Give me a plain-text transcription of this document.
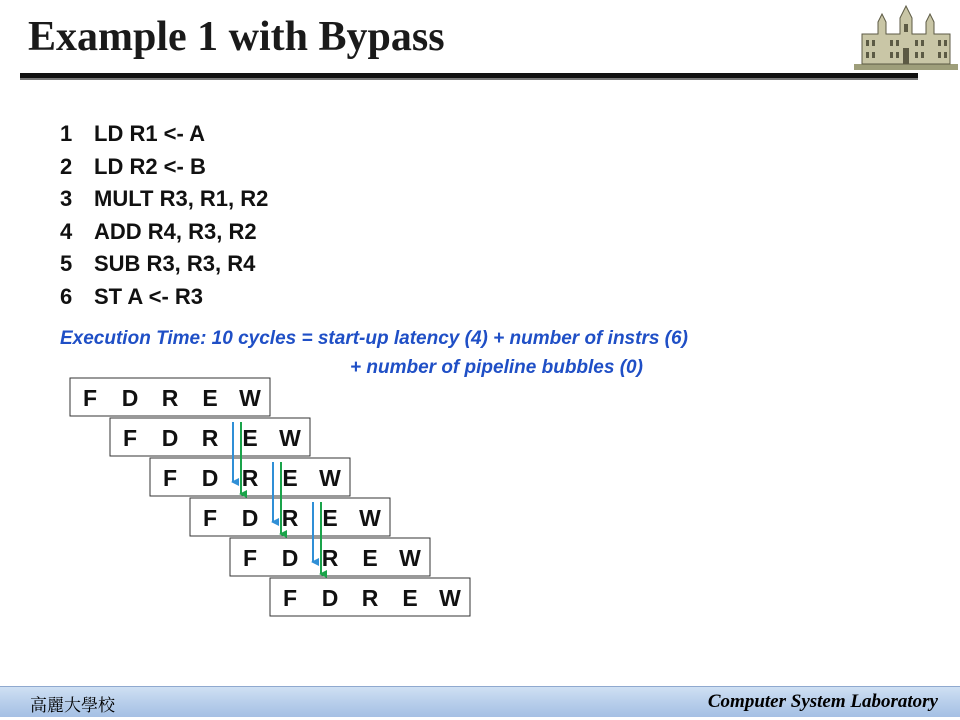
Example 1 with Bypass
1 LD R1 <- A
2 LD R2 <- B
3 MULT R3, R1, R2
4 ADD R4, R3, R2
5 SUB R3, R3, R4
6 ST A <- R3
Execution Time: 10 cycles = start-up latency (4) + number of instrs (6)
+ number of pipeline bubbles (0)
F D R E W
F D R E W
F D R E W
F D R E W
F D R E W
F D R E W
高麗大學校	Computer System Laboratory
